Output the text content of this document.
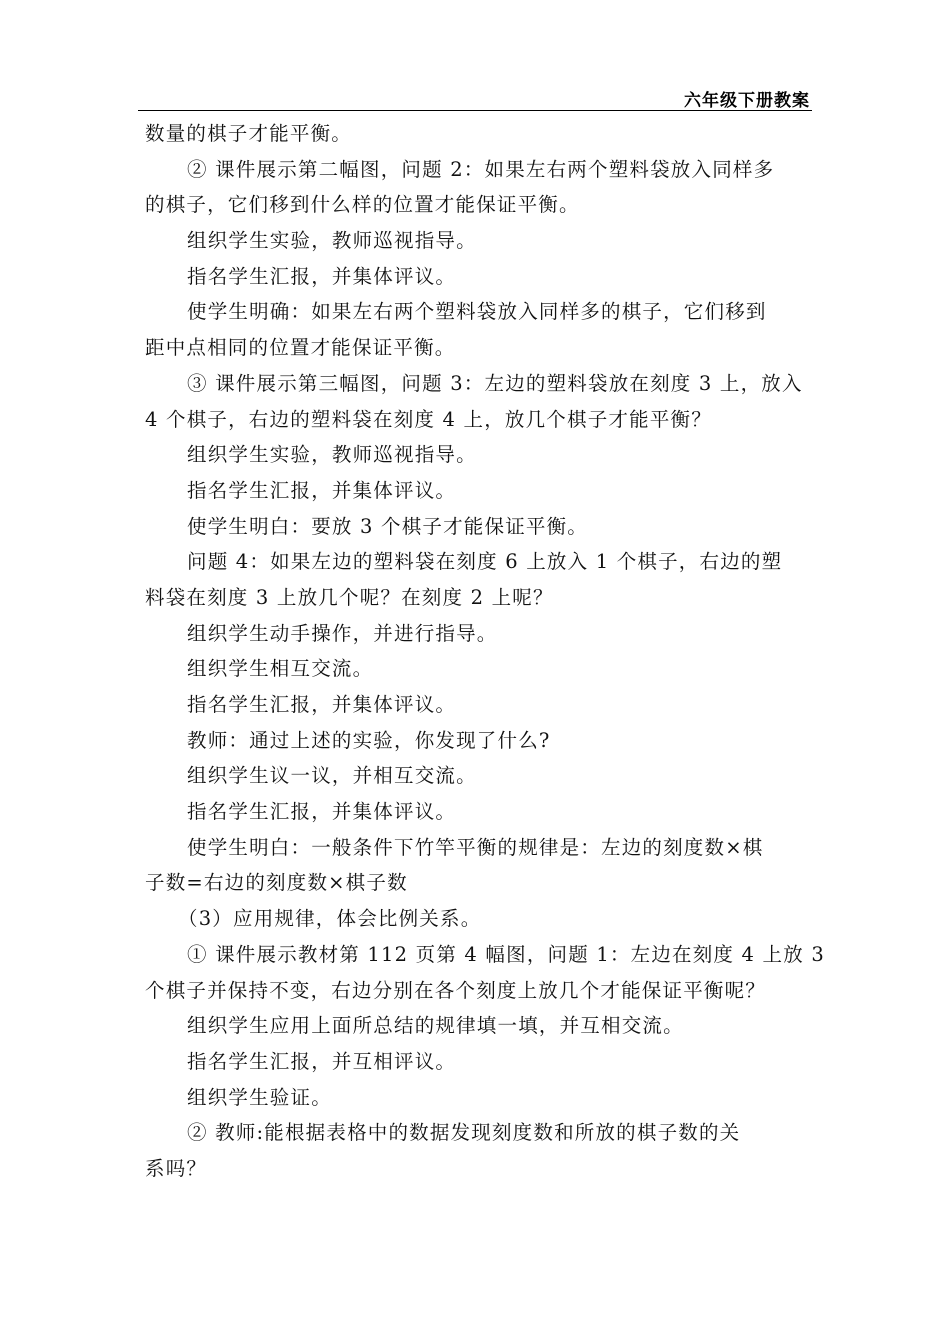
六年级下册教案
数量的棋子才能平衡。
② 课件展示第二幅图，问题 2：如果左右两个塑料袋放入同样多
的棋子，它们移到什么样的位置才能保证平衡。
组织学生实验，教师巡视指导。
指名学生汇报，并集体评议。
使学生明确：如果左右两个塑料袋放入同样多的棋子，它们移到
距中点相同的位置才能保证平衡。
③ 课件展示第三幅图，问题 3：左边的塑料袋放在刻度 3 上，放入
4 个棋子，右边的塑料袋在刻度 4 上，放几个棋子才能平衡？
组织学生实验，教师巡视指导。
指名学生汇报，并集体评议。
使学生明白：要放 3 个棋子才能保证平衡。
问题 4：如果左边的塑料袋在刻度 6 上放入 1 个棋子，右边的塑
料袋在刻度 3 上放几个呢？在刻度 2 上呢？
组织学生动手操作，并进行指导。
组织学生相互交流。
指名学生汇报，并集体评议。
教师：通过上述的实验，你发现了什么?
组织学生议一议，并相互交流。
指名学生汇报，并集体评议。
使学生明白：一般条件下竹竿平衡的规律是：左边的刻度数×棋
子数=右边的刻度数×棋子数
（3）应用规律，体会比例关系。
① 课件展示教材第 112 页第 4 幅图，问题 1：左边在刻度 4 上放 3
个棋子并保持不变，右边分别在各个刻度上放几个才能保证平衡呢？
组织学生应用上面所总结的规律填一填，并互相交流。
指名学生汇报，并互相评议。
组织学生验证。
② 教师:能根据表格中的数据发现刻度数和所放的棋子数的关
系吗？
